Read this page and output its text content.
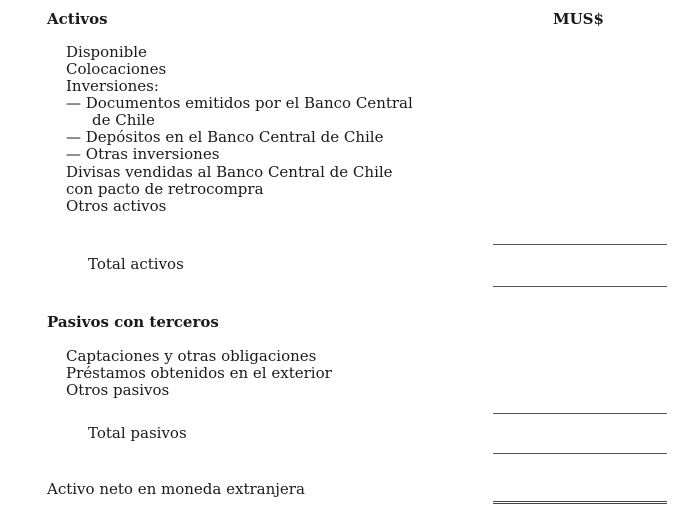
Activos	MUS$
Disponible
Colocaciones
Inversiones:
— Documentos emitidos por el Banco Central
de Chile
— Depósitos en el Banco Central de Chile
— Otras inversiones
Divisas vendidas al Banco Central de Chile
con pacto de retrocompra
Otros activos
Total activos
Pasivos con terceros
Captaciones y otras obligaciones
Préstamos obtenidos en el exterior
Otros pasivos
Total pasivos
Activo neto en moneda extranjera
